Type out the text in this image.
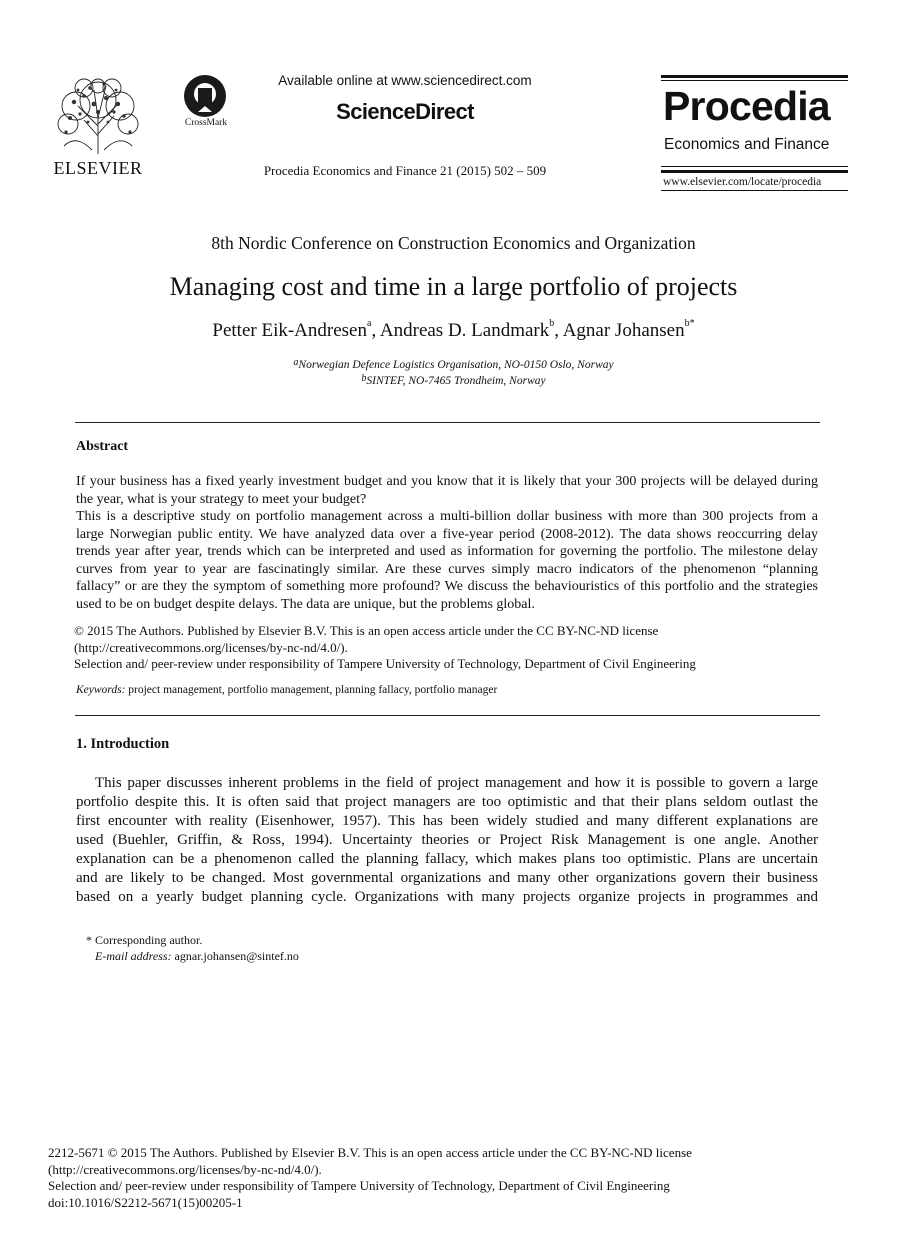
ELSEVIER
CrossMark
Available online at www.sciencedirect.com
ScienceDirect
Procedia Economics and Finance 21 (2015) 502 – 509
Procedia
Economics and Finance
www.elsevier.com/locate/procedia
8th Nordic Conference on Construction Economics and Organization
Managing cost and time in a large portfolio of projects
Petter Eik-Andresen$^a$, Andreas D. Landmark$^b$, Agnar Johansen$^{b*}$
$^a$Norwegian Defence Logistics Organisation, NO-0150 Oslo, Norway
$^b$SINTEF, NO-7465 Trondheim, Norway
Abstract
If your business has a fixed yearly investment budget and you know that it is likely that your 300 projects will be delayed during
the year, what is your strategy to meet your budget?
This is a descriptive study on portfolio management across a multi-billion dollar business with more than 300 projects from a
large Norwegian public entity. We have analyzed data over a five-year period (2008-2012). The data shows reoccurring delay
trends year after year, trends which can be interpreted and used as information for governing the portfolio. The milestone delay
curves from year to year are fascinatingly similar. Are these curves simply macro indicators of the phenomenon “planning
fallacy” or are they the symptom of something more profound? We discuss the behaviouristics of this portfolio and the strategies
used to be on budget despite delays. The data are unique, but the problems global.
© 2015 The Authors. Published by Elsevier B.V. This is an open access article under the CC BY-NC-ND license
(http://creativecommons.org/licenses/by-nc-nd/4.0/).
Selection and/ peer-review under responsibility of Tampere University of Technology, Department of Civil Engineering
Keywords: project management, portfolio management, planning fallacy, portfolio manager
1. Introduction
This paper discusses inherent problems in the field of project management and how it is possible to govern a large
portfolio despite this. It is often said that project managers are too optimistic and that their plans seldom outlast the
first encounter with reality (Eisenhower, 1957). This has been widely studied and many different explanations are
used (Buehler, Griffin, & Ross, 1994). Uncertainty theories or Project Risk Management is one angle. Another
explanation can be a phenomenon called the planning fallacy, which makes plans too optimistic. Plans are uncertain
and are likely to be changed. Most governmental organizations and many other organizations govern their business
based on a yearly budget planning cycle. Organizations with many projects organize projects in programmes and
* Corresponding author.
E-mail address: agnar.johansen@sintef.no
2212-5671 © 2015 The Authors. Published by Elsevier B.V. This is an open access article under the CC BY-NC-ND license
(http://creativecommons.org/licenses/by-nc-nd/4.0/).
Selection and/ peer-review under responsibility of Tampere University of Technology, Department of Civil Engineering
doi:10.1016/S2212-5671(15)00205-1
